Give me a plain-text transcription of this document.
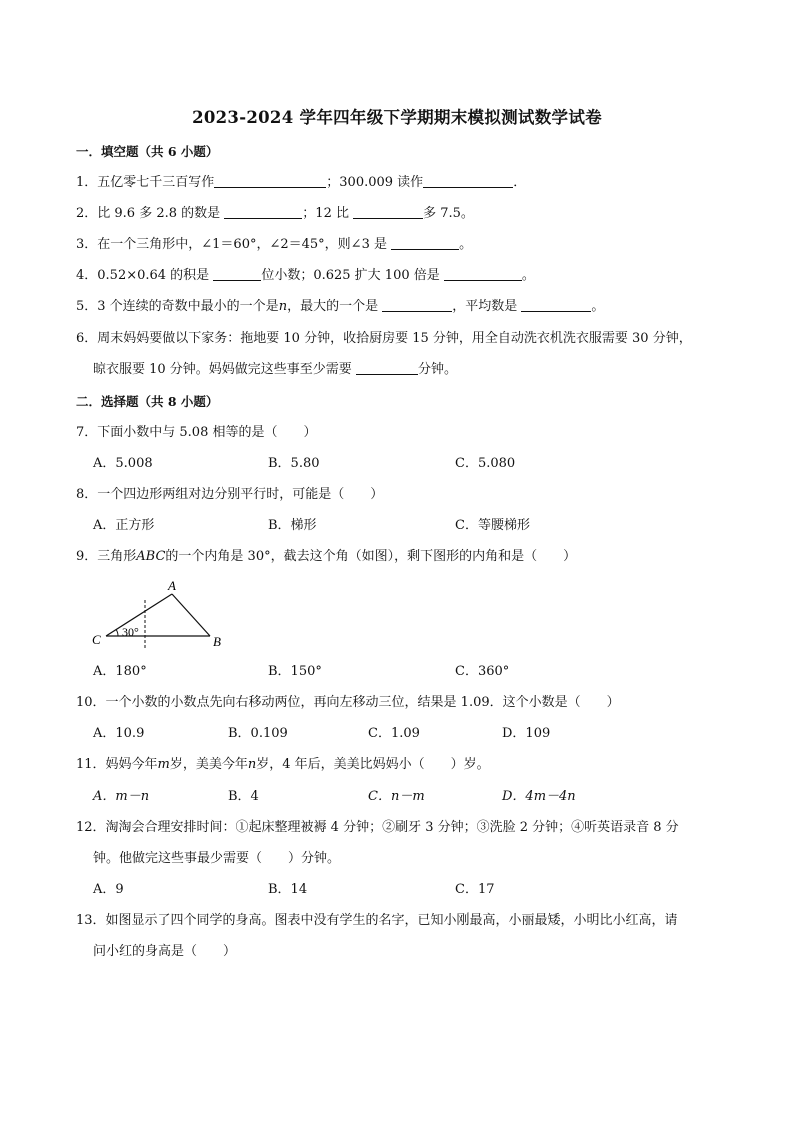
2023-2024 学年四年级下学期期末模拟测试数学试卷
一．填空题（共 6 小题）
1．五亿零七千三百写作	；300.009 读作	．
2．比 9.6 多 2.8 的数是	；12 比	多 7.5。
3．在一个三角形中，∠1＝60°，∠2＝45°，则∠3 是	。
4．0.52×0.64 的积是	位小数；0.625 扩大 100 倍是	。
5．3 个连续的奇数中最小的一个是n，最大的一个是	，平均数是	。
6．周末妈妈要做以下家务：拖地要 10 分钟，收拾厨房要 15 分钟，用全自动洗衣机洗衣服需要 30 分钟，
晾衣服要 10 分钟。妈妈做完这些事至少需要	分钟。
二．选择题（共 8 小题）
7．下面小数中与 5.08 相等的是（　　）
A．5.008	B．5.80	C．5.080
8．一个四边形两组对边分别平行时，可能是（　　）
A．正方形	B．梯形	C．等腰梯形
9．三角形ABC的一个内角是 30°，截去这个角（如图），剩下图形的内角和是（　　）
A
B
C 30°
A．180°	B．150°	C．360°
10．一个小数的小数点先向右移动两位，再向左移动三位，结果是 1.09．这个小数是（　　）
A．10.9	B．0.109	C．1.09	D．109
11．妈妈今年m岁，美美今年n岁，4 年后，美美比妈妈小（　　）岁。
A．m－n	B．4	C．n－m	D．4m－4n
12．淘淘会合理安排时间：①起床整理被褥 4 分钟；②刷牙 3 分钟；③洗脸 2 分钟；④听英语录音 8 分
钟。他做完这些事最少需要（　　）分钟。
A．9	B．14	C．17
13．如图显示了四个同学的身高。图表中没有学生的名字，已知小刚最高，小丽最矮，小明比小红高，请
问小红的身高是（　　）
